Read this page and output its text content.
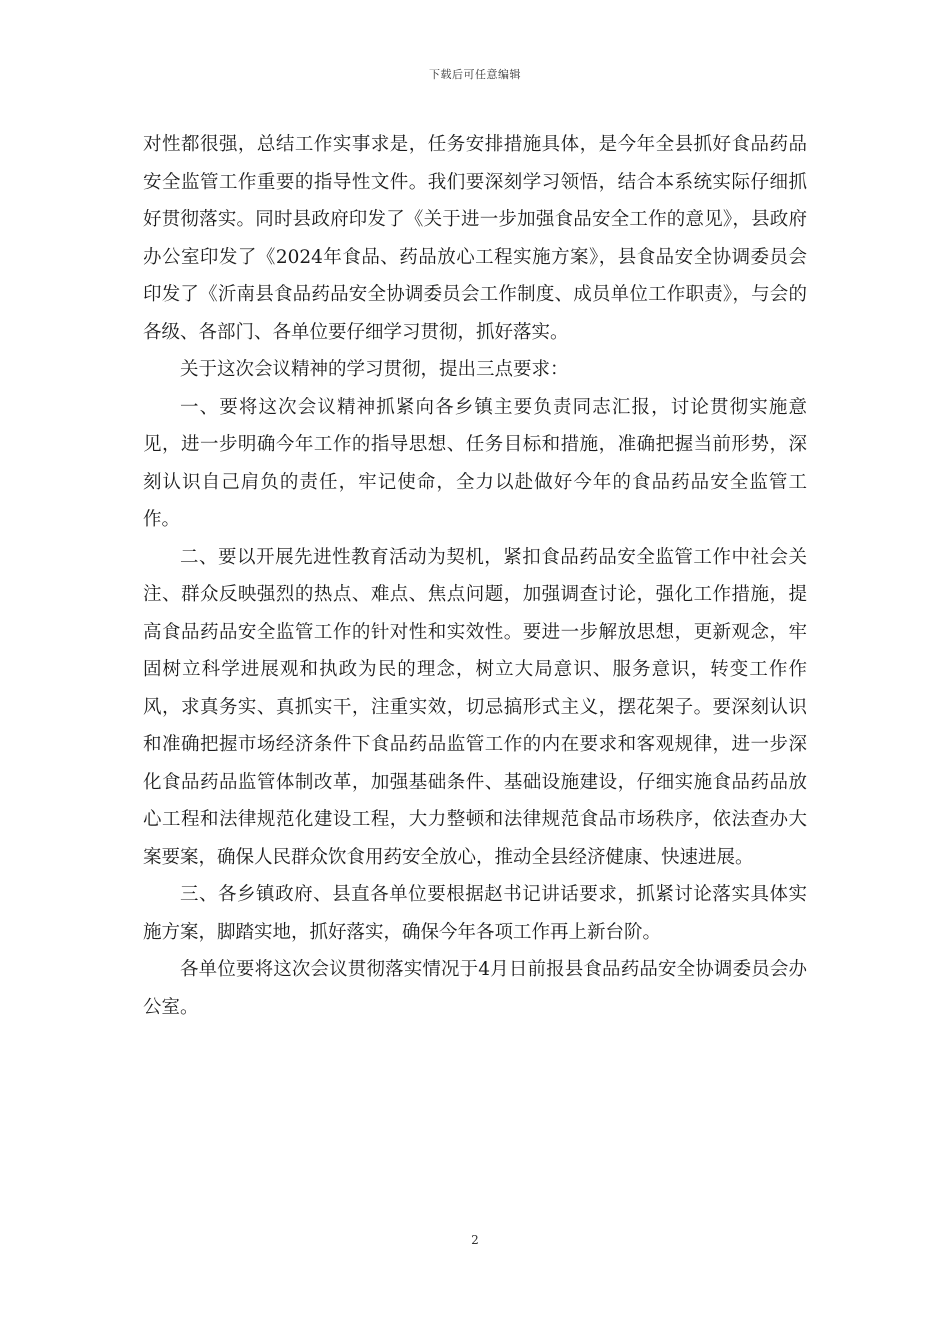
下载后可任意编辑

对性都很强，总结工作实事求是，任务安排措施具体，是今年全县抓好食品药品安全监管工作重要的指导性文件。我们要深刻学习领悟，结合本系统实际仔细抓好贯彻落实。同时县政府印发了《关于进一步加强食品安全工作的意见》，县政府办公室印发了《2024年食品、药品放心工程实施方案》，县食品安全协调委员会印发了《沂南县食品药品安全协调委员会工作制度、成员单位工作职责》，与会的各级、各部门、各单位要仔细学习贯彻，抓好落实。

关于这次会议精神的学习贯彻，提出三点要求：

一、要将这次会议精神抓紧向各乡镇主要负责同志汇报，讨论贯彻实施意见，进一步明确今年工作的指导思想、任务目标和措施，准确把握当前形势，深刻认识自己肩负的责任，牢记使命，全力以赴做好今年的食品药品安全监管工作。

二、要以开展先进性教育活动为契机，紧扣食品药品安全监管工作中社会关注、群众反映强烈的热点、难点、焦点问题，加强调查讨论，强化工作措施，提高食品药品安全监管工作的针对性和实效性。要进一步解放思想，更新观念，牢固树立科学进展观和执政为民的理念，树立大局意识、服务意识，转变工作作风，求真务实、真抓实干，注重实效，切忌搞形式主义，摆花架子。要深刻认识和准确把握市场经济条件下食品药品监管工作的内在要求和客观规律，进一步深化食品药品监管体制改革，加强基础条件、基础设施建设，仔细实施食品药品放心工程和法律规范化建设工程，大力整顿和法律规范食品市场秩序，依法查办大案要案，确保人民群众饮食用药安全放心，推动全县经济健康、快速进展。

三、各乡镇政府、县直各单位要根据赵书记讲话要求，抓紧讨论落实具体实施方案，脚踏实地，抓好落实，确保今年各项工作再上新台阶。

各单位要将这次会议贯彻落实情况于4月日前报县食品药品安全协调委员会办公室。

2
